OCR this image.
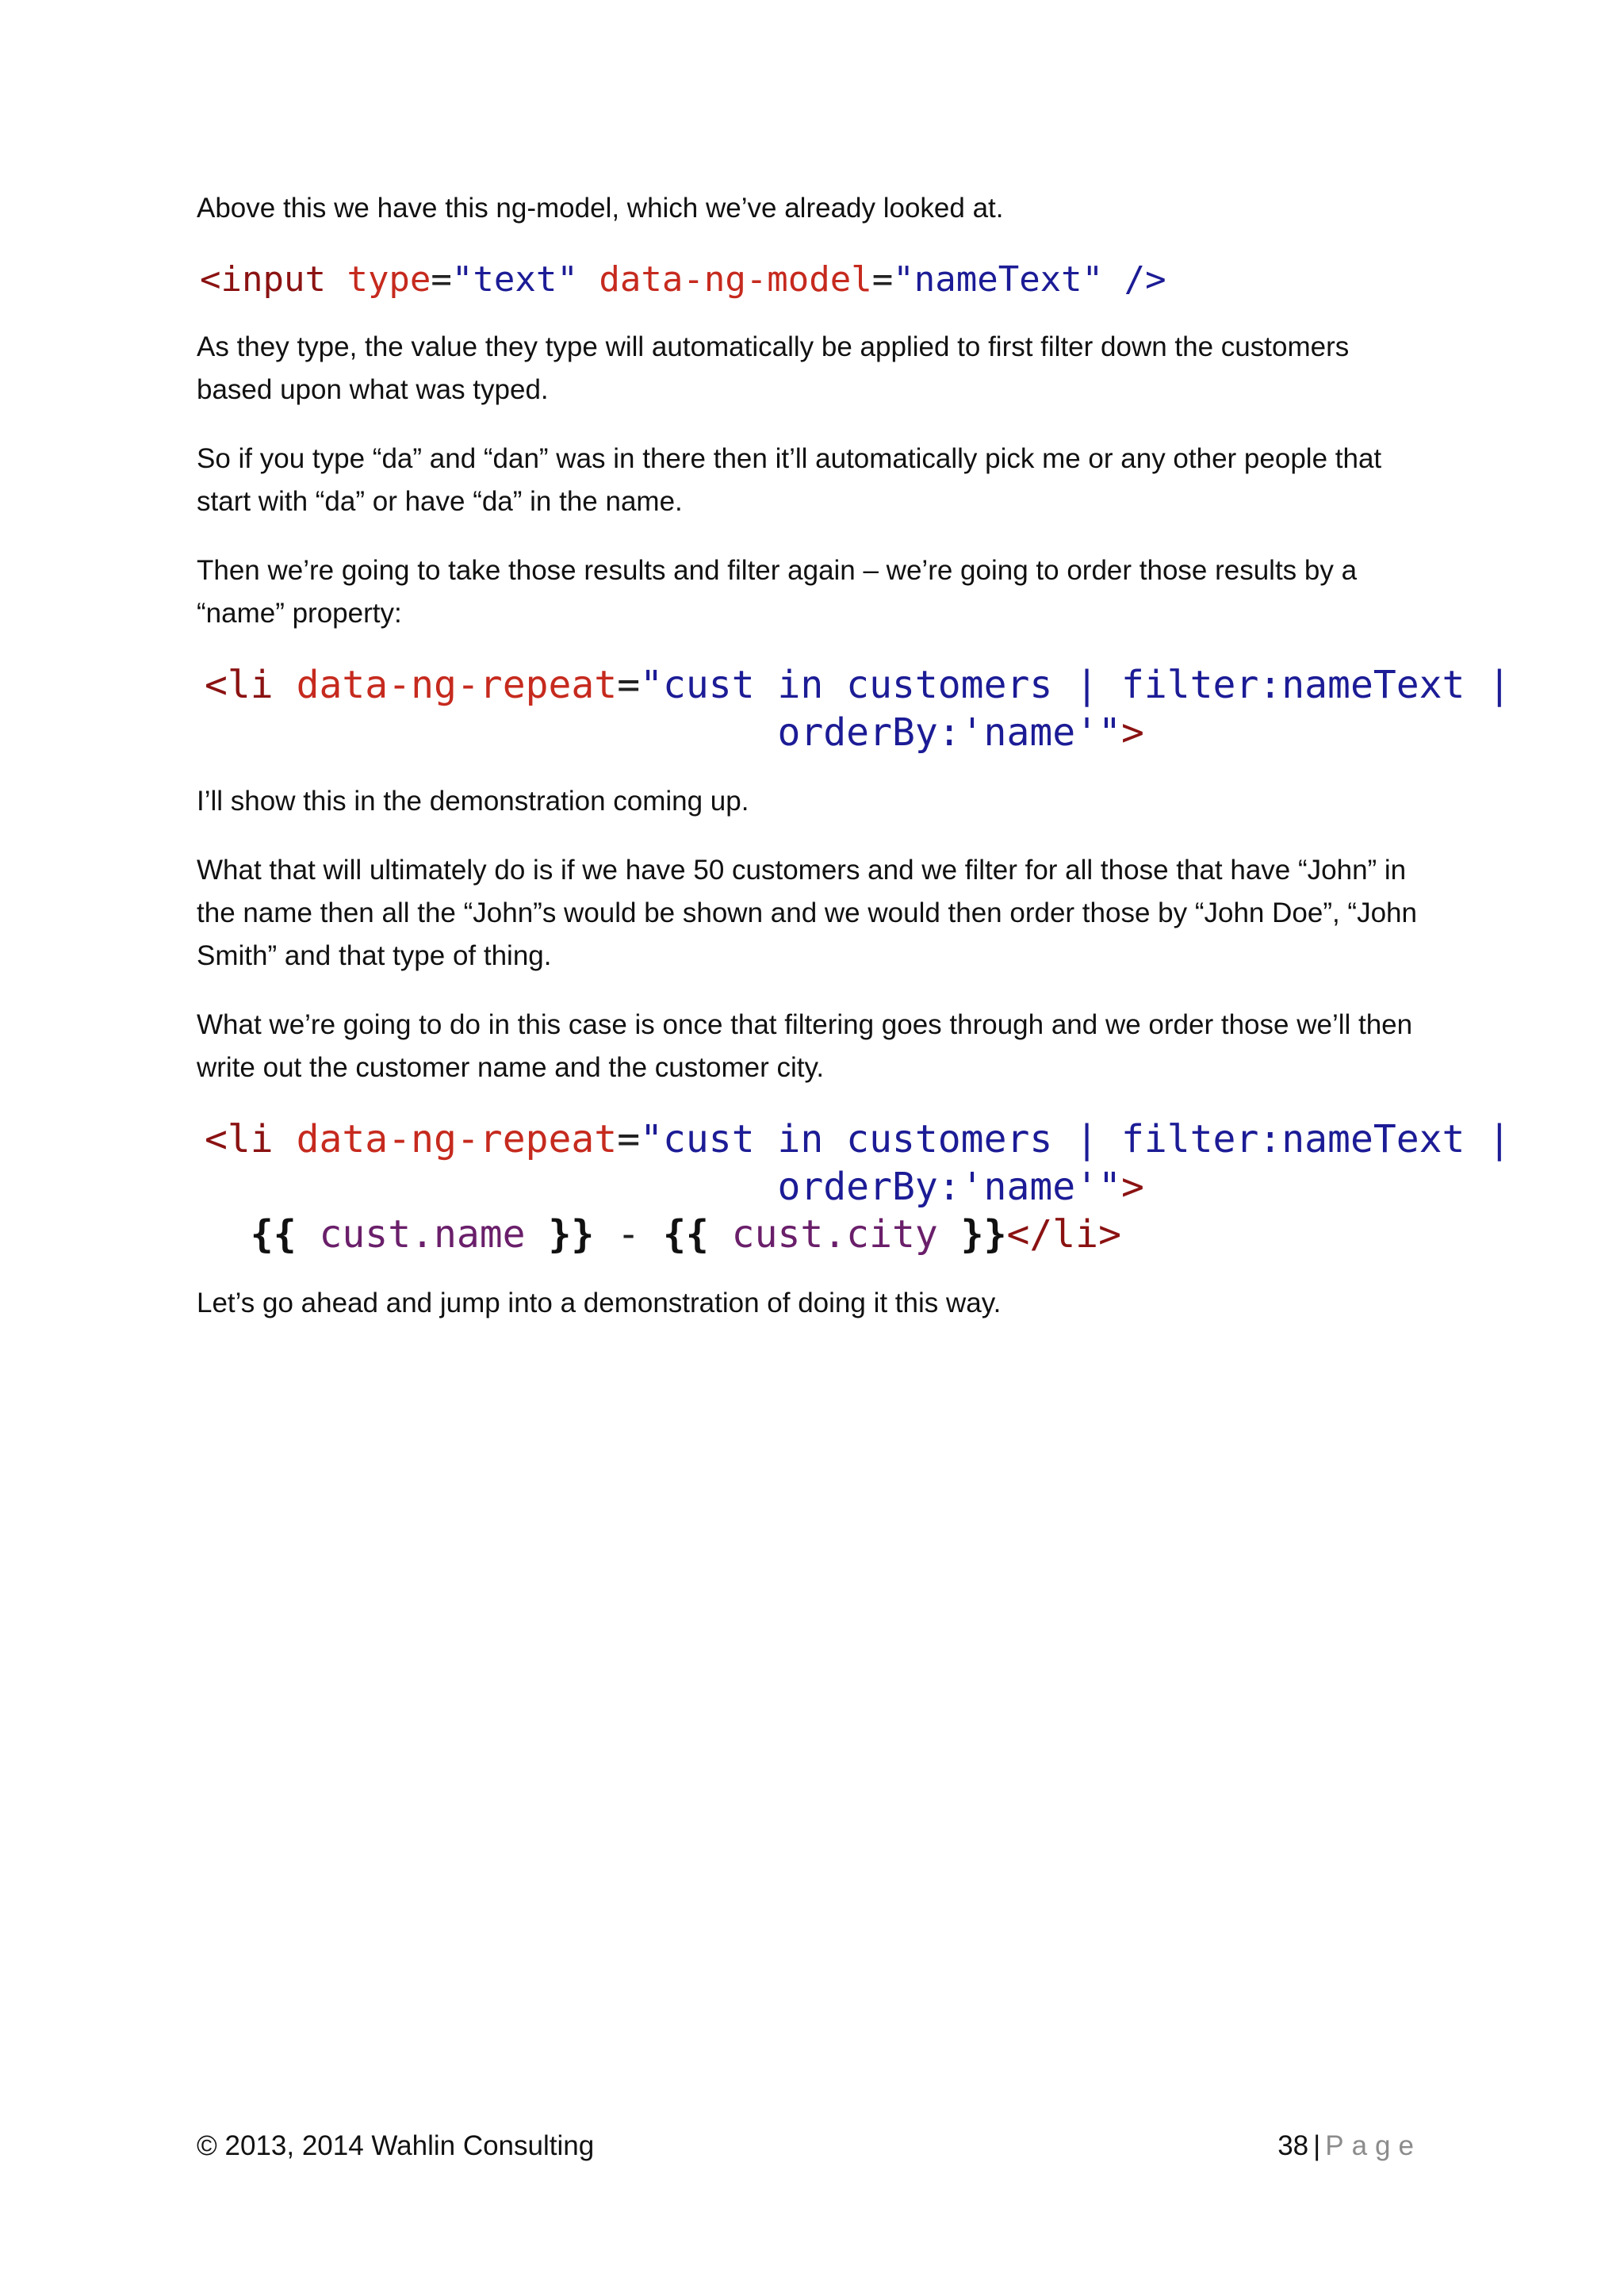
Above this we have this ng-model, which we’ve already looked at.

<input type="text" data-ng-model="nameText" />

As they type, the value they type will automatically be applied to first filter down the customers
based upon what was typed.

So if you type “da” and “dan” was in there then it’ll automatically pick me or any other people that
start with “da” or have “da” in the name.

Then we’re going to take those results and filter again – we’re going to order those results by a
“name” property:

<li data-ng-repeat="cust in customers | filter:nameText |
orderBy:'name'">

I’ll show this in the demonstration coming up.

What that will ultimately do is if we have 50 customers and we filter for all those that have “John” in
the name then all the “John”s would be shown and we would then order those by “John Doe”, “John
Smith” and that type of thing.

What we’re going to do in this case is once that filtering goes through and we order those we’ll then
write out the customer name and the customer city.

<li data-ng-repeat="cust in customers | filter:nameText |
orderBy:'name'">
{{ cust.name }} - {{ cust.city }}</li>

Let’s go ahead and jump into a demonstration of doing it this way.

© 2013, 2014 Wahlin Consulting	38 | Page
